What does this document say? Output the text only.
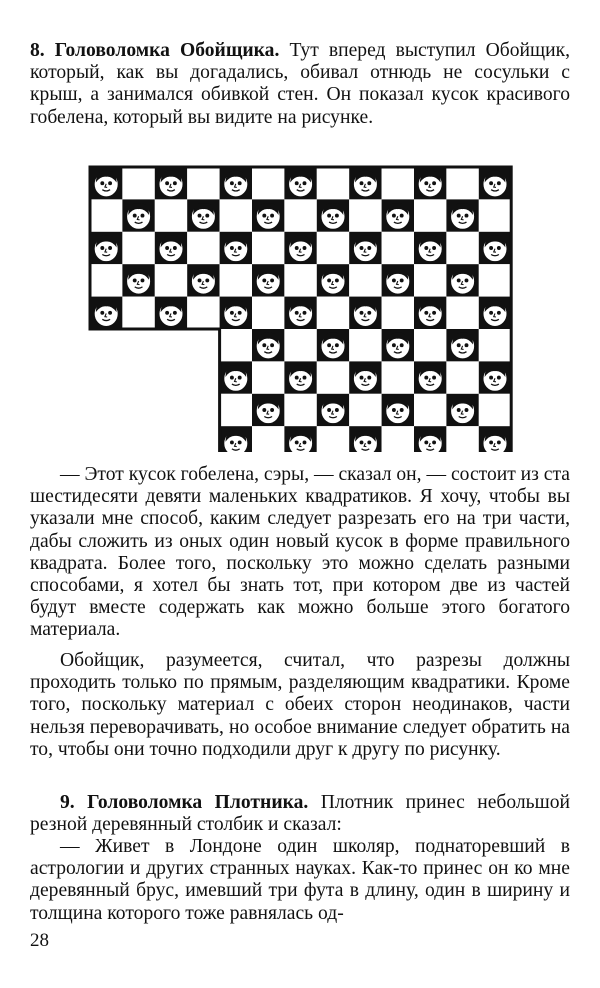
8. Головоломка Обойщика. Тут вперед выступил Обойщик, который, как вы догадались, обивал отнюдь не сосульки с крыш, а занимался обивкой стен. Он показал кусок красивого гобелена, который вы видите на рисунке.

— Этот кусок гобелена, сэры, — сказал он, — состоит из ста шестидесяти девяти маленьких квадратиков. Я хочу, чтобы вы указали мне способ, каким следует разрезать его на три части, дабы сложить из оных один новый кусок в форме правильного квадрата. Более того, поскольку это можно сделать разными способами, я хотел бы знать тот, при котором две из частей будут вместе содержать как можно больше этого богатого материала.

Обойщик, разумеется, считал, что разрезы должны проходить только по прямым, разделяющим квадратики. Кроме того, поскольку материал с обеих сторон неодинаков, части нельзя переворачивать, но особое внимание следует обратить на то, чтобы они точно подходили друг к другу по рисунку.

9. Головоломка Плотника. Плотник принес небольшой резной деревянный столбик и сказал:

— Живет в Лондоне один школяр, поднаторевший в астрологии и других странных науках. Как-то принес он ко мне деревянный брус, имевший три фута в длину, один в ширину и толщина которого тоже равнялась од-

28
